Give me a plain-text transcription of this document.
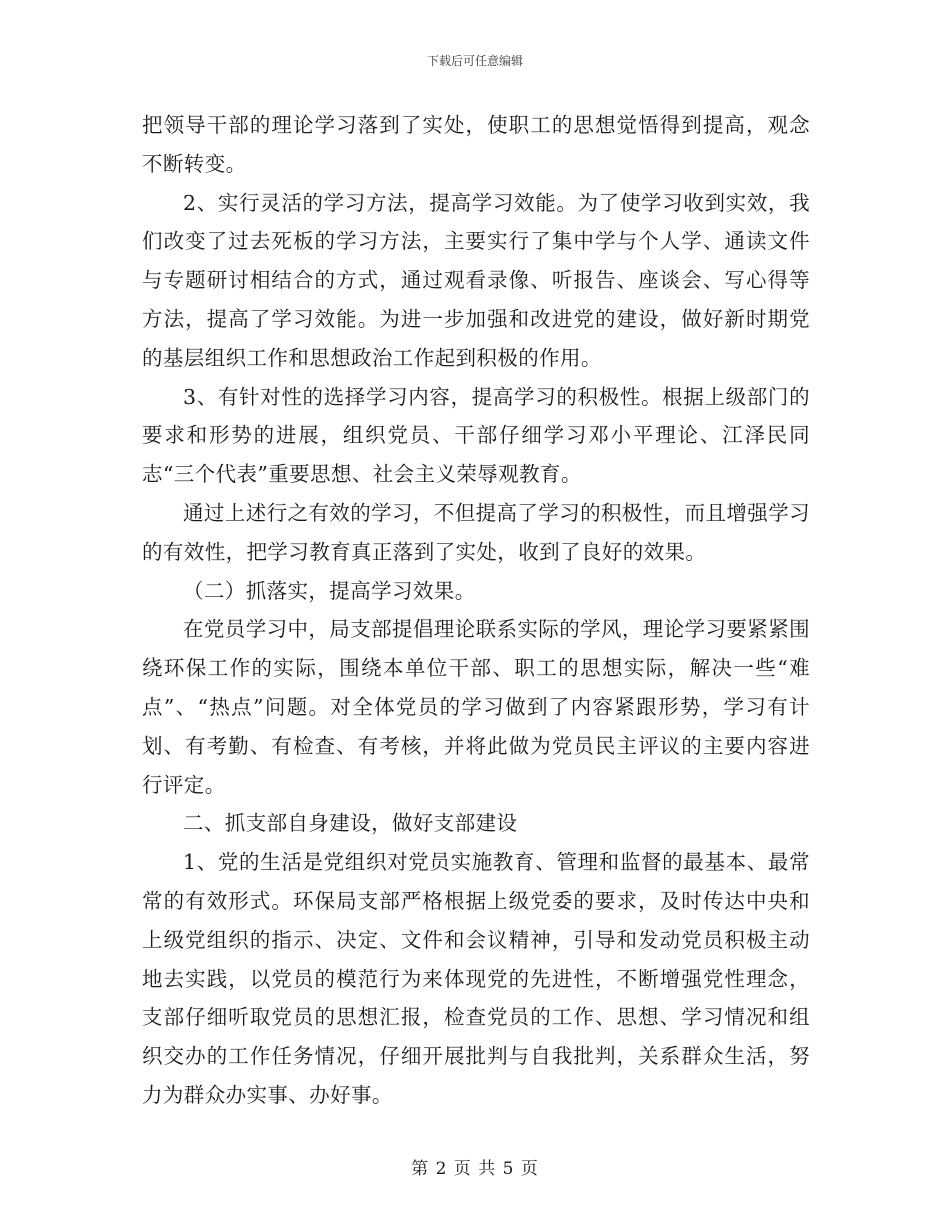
下载后可任意编辑

把领导干部的理论学习落到了实处，使职工的思想觉悟得到提高，观念不断转变。

2、实行灵活的学习方法，提高学习效能。为了使学习收到实效，我们改变了过去死板的学习方法，主要实行了集中学与个人学、通读文件与专题研讨相结合的方式，通过观看录像、听报告、座谈会、写心得等方法，提高了学习效能。为进一步加强和改进党的建设，做好新时期党的基层组织工作和思想政治工作起到积极的作用。

3、有针对性的选择学习内容，提高学习的积极性。根据上级部门的要求和形势的进展，组织党员、干部仔细学习邓小平理论、江泽民同志“三个代表”重要思想、社会主义荣辱观教育。

通过上述行之有效的学习，不但提高了学习的积极性，而且增强学习的有效性，把学习教育真正落到了实处，收到了良好的效果。

（二）抓落实，提高学习效果。

在党员学习中，局支部提倡理论联系实际的学风，理论学习要紧紧围绕环保工作的实际，围绕本单位干部、职工的思想实际，解决一些“难点”、“热点”问题。对全体党员的学习做到了内容紧跟形势，学习有计划、有考勤、有检查、有考核，并将此做为党员民主评议的主要内容进行评定。

二、抓支部自身建设，做好支部建设

1、党的生活是党组织对党员实施教育、管理和监督的最基本、最常常的有效形式。环保局支部严格根据上级党委的要求，及时传达中央和上级党组织的指示、决定、文件和会议精神，引导和发动党员积极主动地去实践，以党员的模范行为来体现党的先进性，不断增强党性理念，支部仔细听取党员的思想汇报，检查党员的工作、思想、学习情况和组织交办的工作任务情况，仔细开展批判与自我批判，关系群众生活，努力为群众办实事、办好事。

第 2 页 共 5 页
